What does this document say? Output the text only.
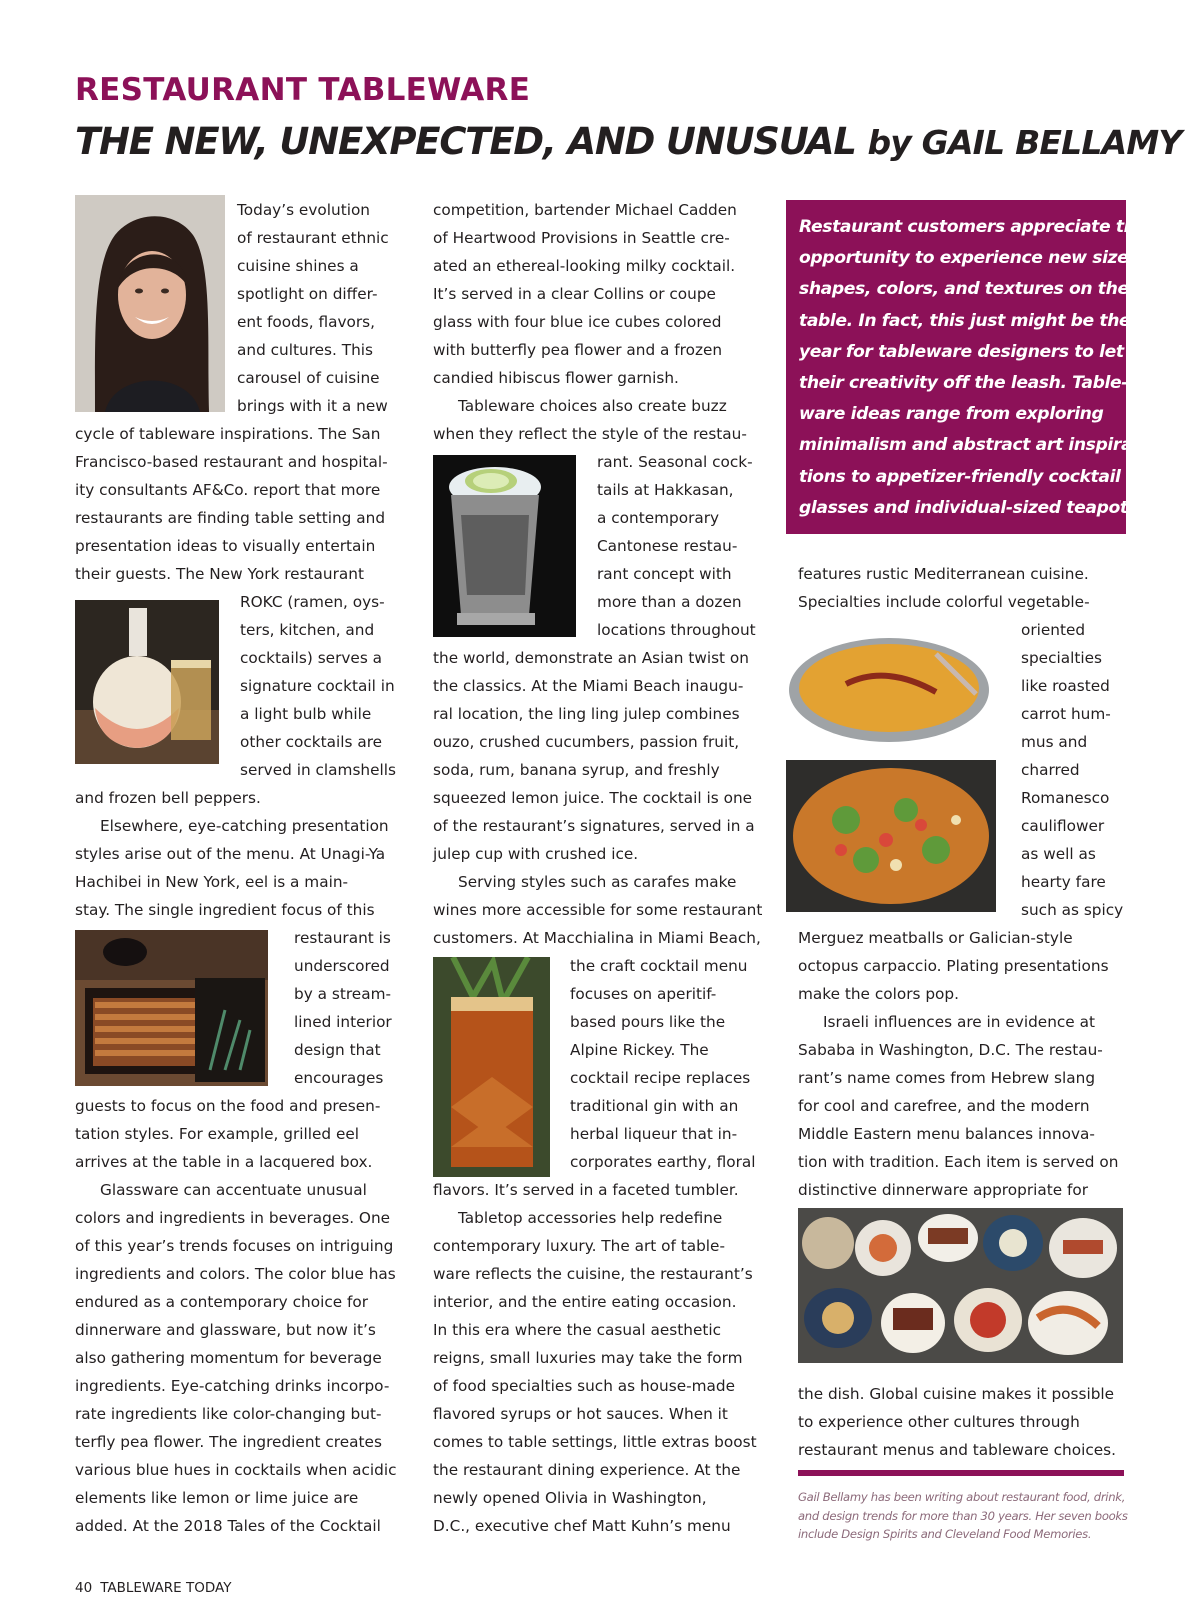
RESTAURANT TABLEWARE
THE NEW, UNEXPECTED, AND UNUSUAL by GAIL BELLAMY

Today’s evolution

of restaurant ethnic

cuisine shines a

spotlight on differ-

ent foods, flavors,

and cultures. This

carousel of cuisine

brings with it a new

cycle of tableware inspirations. The San

Francisco-based restaurant and hospital-

ity consultants AF&Co. report that more

restaurants are finding table setting and

presentation ideas to visually entertain

their guests. The New York restaurant

ROKC (ramen, oys-

ters, kitchen, and

cocktails) serves a

signature cocktail in

a light bulb while

other cocktails are

served in clamshells

and frozen bell peppers.

Elsewhere, eye-catching presentation

styles arise out of the menu. At Unagi-Ya

Hachibei in New York, eel is a main-

stay. The single ingredient focus of this

restaurant is

underscored

by a stream-

lined interior

design that

encourages

guests to focus on the food and presen-

tation styles. For example, grilled eel

arrives at the table in a lacquered box.

Glassware can accentuate unusual

colors and ingredients in beverages. One

of this year’s trends focuses on intriguing

ingredients and colors. The color blue has

endured as a contemporary choice for

dinnerware and glassware, but now it’s

also gathering momentum for beverage

ingredients. Eye-catching drinks incorpo-

rate ingredients like color-changing but-

terfly pea flower. The ingredient creates

various blue hues in cocktails when acidic

elements like lemon or lime juice are

added. At the 2018 Tales of the Cocktail

competition, bartender Michael Cadden

of Heartwood Provisions in Seattle cre-

ated an ethereal-looking milky cocktail.

It’s served in a clear Collins or coupe

glass with four blue ice cubes colored

with butterfly pea flower and a frozen

candied hibiscus flower garnish.

Tableware choices also create buzz

when they reflect the style of the restau-

rant. Seasonal cock-

tails at Hakkasan,

a contemporary

Cantonese restau-

rant concept with

more than a dozen

locations throughout

the world, demonstrate an Asian twist on

the classics. At the Miami Beach inaugu-

ral location, the ling ling julep combines

ouzo, crushed cucumbers, passion fruit,

soda, rum, banana syrup, and freshly

squeezed lemon juice. The cocktail is one

of the restaurant’s signatures, served in a

julep cup with crushed ice.

Serving styles such as carafes make

wines more accessible for some restaurant

customers. At Macchialina in Miami Beach,

the craft cocktail menu

focuses on aperitif-

based pours like the

Alpine Rickey. The

cocktail recipe replaces

traditional gin with an

herbal liqueur that in-

corporates earthy, floral

flavors. It’s served in a faceted tumbler.

Tabletop accessories help redefine

contemporary luxury. The art of table-

ware reflects the cuisine, the restaurant’s

interior, and the entire eating occasion.

In this era where the casual aesthetic

reigns, small luxuries may take the form

of food specialties such as house-made

flavored syrups or hot sauces. When it

comes to table settings, little extras boost

the restaurant dining experience. At the

newly opened Olivia in Washington,

D.C., executive chef Matt Kuhn’s menu

features rustic Mediterranean cuisine.

Specialties include colorful vegetable-

oriented

specialties

like roasted

carrot hum-

mus and

charred

Romanesco

cauliflower

as well as

hearty fare

such as spicy

Merguez meatballs or Galician-style

octopus carpaccio. Plating presentations

make the colors pop.

Israeli influences are in evidence at

Sababa in Washington, D.C. The restau-

rant’s name comes from Hebrew slang

for cool and carefree, and the modern

Middle Eastern menu balances innova-

tion with tradition. Each item is served on

distinctive dinnerware appropriate for

the dish. Global cuisine makes it possible

to experience other cultures through

restaurant menus and tableware choices.

Restaurant customers appreciate the

opportunity to experience new sizes,

shapes, colors, and textures on the

table. In fact, this just might be the

year for tableware designers to let

their creativity off the leash. Table-

ware ideas range from exploring

minimalism and abstract art inspira-

tions to appetizer-friendly cocktail

glasses and individual-sized teapots.

Gail Bellamy has been writing about restaurant food, drink,

and design trends for more than 30 years. Her seven books

include Design Spirits and Cleveland Food Memories.

40 TABLEWARE TODAY
